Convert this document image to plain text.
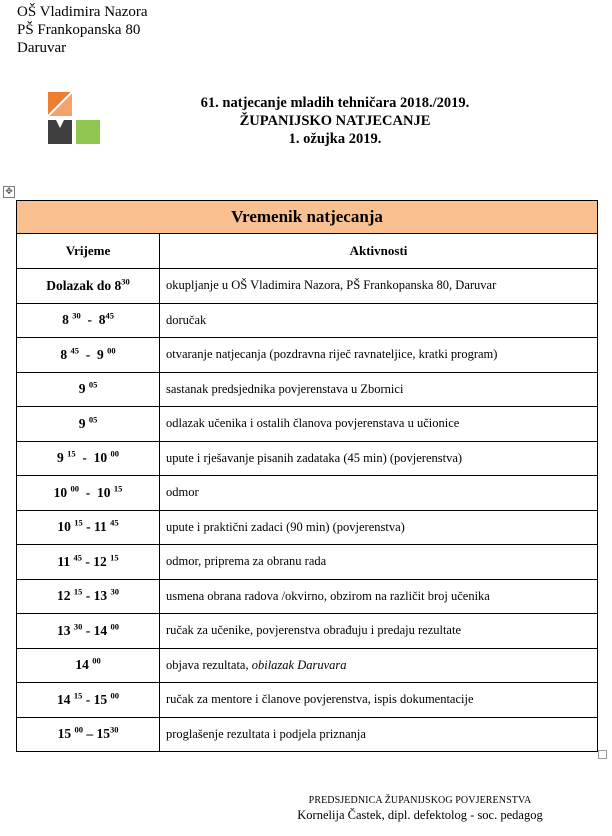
OŠ Vladimira Nazora
PŠ Frankopanska 80
Daruvar
61. natjecanje mladih tehničara 2018./2019.
ŽUPANIJSKO NATJECANJE
1. ožujka 2019.
✥
Vremenik natjecanja	
Vrijeme	Aktivnosti
Dolazak do $8^{30}$	okupljanje u OŠ Vladimira Nazora, PŠ Frankopanska 80, Daruvar
8 $^{30} - 8^{45}$	doručak
8 $^{45}$  -  9 $^{00}$	otvaranje natjecanja (pozdravna riječ ravnateljice, kratki program)
9 $^{05}$	sastanak predsjednika povjerenstava u Zbornici
9 $^{05}$	odlazak učenika i ostalih članova povjerenstava u učionice
9 $^{15}$  -  10 $^{00}$	upute i rješavanje pisanih zadataka (45 min) (povjerenstva)
10 $^{00}$  -  10 $^{15}$	odmor
10 $^{15}$ - 11 $^{45}$	upute i praktični zadaci (90 min) (povjerenstva)
11 $^{45}$ - 12 $^{15}$	odmor, priprema za obranu rada
12 $^{15}$ - 13 $^{30}$	usmena obrana radova /okvirno, obzirom na različit broj učenika
13 $^{30}$ - 14 $^{00}$	ručak za učenike, povjerenstva obrađuju i predaju rezultate
14 $^{00}$	objava rezultata, obilazak Daruvara
14 $^{15}$ - 15 $^{00}$	ručak za mentore i članove povjerenstva, ispis dokumentacije
15 $^{00} - 15^{30}$	proglašenje rezultata i podjela priznanja
PREDSJEDNICA ŽUPANIJSKOG POVJERENSTVA
Kornelija Častek, dipl. defektolog - soc. pedagog
